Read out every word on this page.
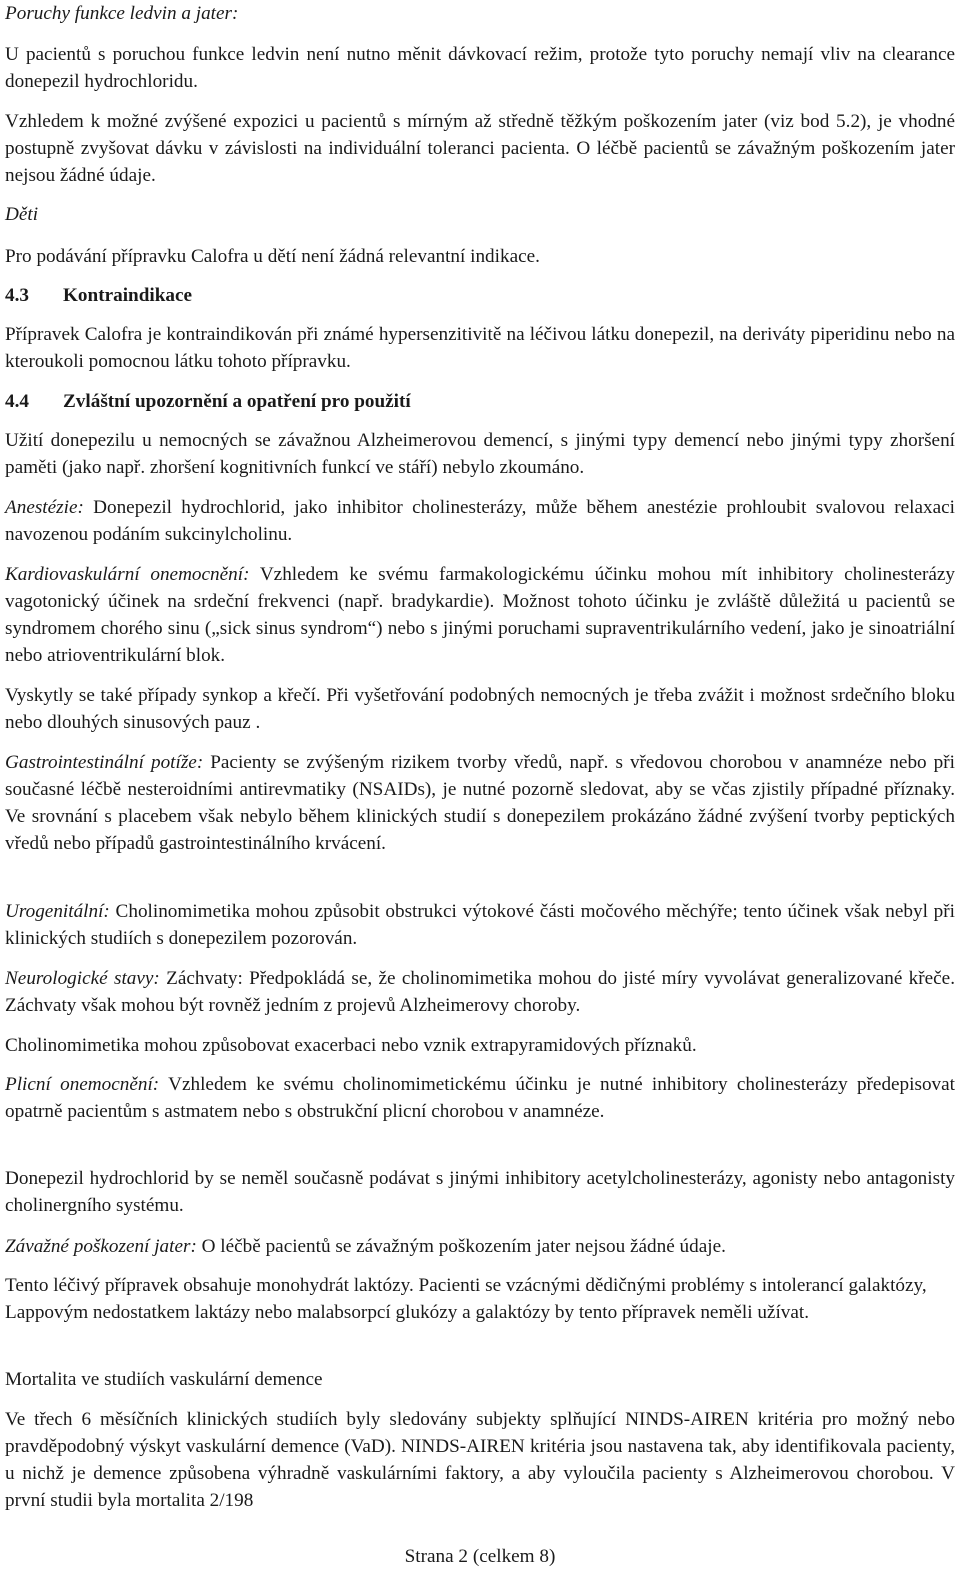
Poruchy funkce ledvin a jater:

U pacientů s poruchou funkce ledvin není nutno měnit dávkovací režim, protože tyto poruchy nemají vliv na clearance donepezil hydrochloridu.

Vzhledem k možné zvýšené expozici u pacientů s mírným až středně těžkým poškozením jater (viz bod 5.2), je vhodné postupně zvyšovat dávku v závislosti na individuální toleranci pacienta. O léčbě pacientů se závažným poškozením jater nejsou žádné údaje.

Děti

Pro podávání přípravku Calofra u dětí není žádná relevantní indikace.

4.3 Kontraindikace

Přípravek Calofra je kontraindikován při známé hypersenzitivitě na léčivou látku donepezil, na deriváty piperidinu nebo na kteroukoli pomocnou látku tohoto přípravku.

4.4 Zvláštní upozornění a opatření pro použití

Užití donepezilu u nemocných se závažnou Alzheimerovou demencí, s jinými typy demencí nebo jinými typy zhoršení paměti (jako např. zhoršení kognitivních funkcí ve stáří) nebylo zkoumáno.

Anestézie: Donepezil hydrochlorid, jako inhibitor cholinesterázy, může během anestézie prohloubit svalovou relaxaci navozenou podáním sukcinylcholinu.

Kardiovaskulární onemocnění: Vzhledem ke svému farmakologickému účinku mohou mít inhibitory cholinesterázy vagotonický účinek na srdeční frekvenci (např. bradykardie). Možnost tohoto účinku je zvláště důležitá u pacientů se syndromem chorého sinu („sick sinus syndrom“) nebo s jinými poruchami supraventrikulárního vedení, jako je sinoatriální nebo atrioventrikulární blok.

Vyskytly se také případy synkop a křečí. Při vyšetřování podobných nemocných je třeba zvážit i možnost srdečního bloku nebo dlouhých sinusových pauz .

Gastrointestinální potíže: Pacienty se zvýšeným rizikem tvorby vředů, např. s vředovou chorobou v anamnéze nebo při současné léčbě nesteroidními antirevmatiky (NSAIDs), je nutné pozorně sledovat, aby se včas zjistily případné příznaky. Ve srovnání s placebem však nebylo během klinických studií s donepezilem prokázáno žádné zvýšení tvorby peptických vředů nebo případů gastrointestinálního krvácení.

Urogenitální: Cholinomimetika mohou způsobit obstrukci výtokové části močového měchýře; tento účinek však nebyl při klinických studiích s donepezilem pozorován.

Neurologické stavy: Záchvaty: Předpokládá se, že cholinomimetika mohou do jisté míry vyvolávat generalizované křeče. Záchvaty však mohou být rovněž jedním z projevů Alzheimerovy choroby.

Cholinomimetika mohou způsobovat exacerbaci nebo vznik extrapyramidových příznaků.

Plicní onemocnění: Vzhledem ke svému cholinomimetickému účinku je nutné inhibitory cholinesterázy předepisovat opatrně pacientům s astmatem nebo s obstrukční plicní chorobou v anamnéze.

Donepezil hydrochlorid by se neměl současně podávat s jinými inhibitory acetylcholinesterázy, agonisty nebo antagonisty cholinergního systému.

Závažné poškození jater: O léčbě pacientů se závažným poškozením jater nejsou žádné údaje.

Tento léčivý přípravek obsahuje monohydrát laktózy. Pacienti se vzácnými dědičnými problémy s intolerancí galaktózy, Lappovým nedostatkem laktázy nebo malabsorpcí glukózy a galaktózy by tento přípravek neměli užívat.

Mortalita ve studiích vaskulární demence

Ve třech 6 měsíčních klinických studiích byly sledovány subjekty splňující NINDS-AIREN kritéria pro možný nebo pravděpodobný výskyt vaskulární demence (VaD). NINDS-AIREN kritéria jsou nastavena tak, aby identifikovala pacienty, u nichž je demence způsobena výhradně vaskulárními faktory, a aby vyloučila pacienty s Alzheimerovou chorobou. V první studii byla mortalita 2/198

Strana 2 (celkem 8)
